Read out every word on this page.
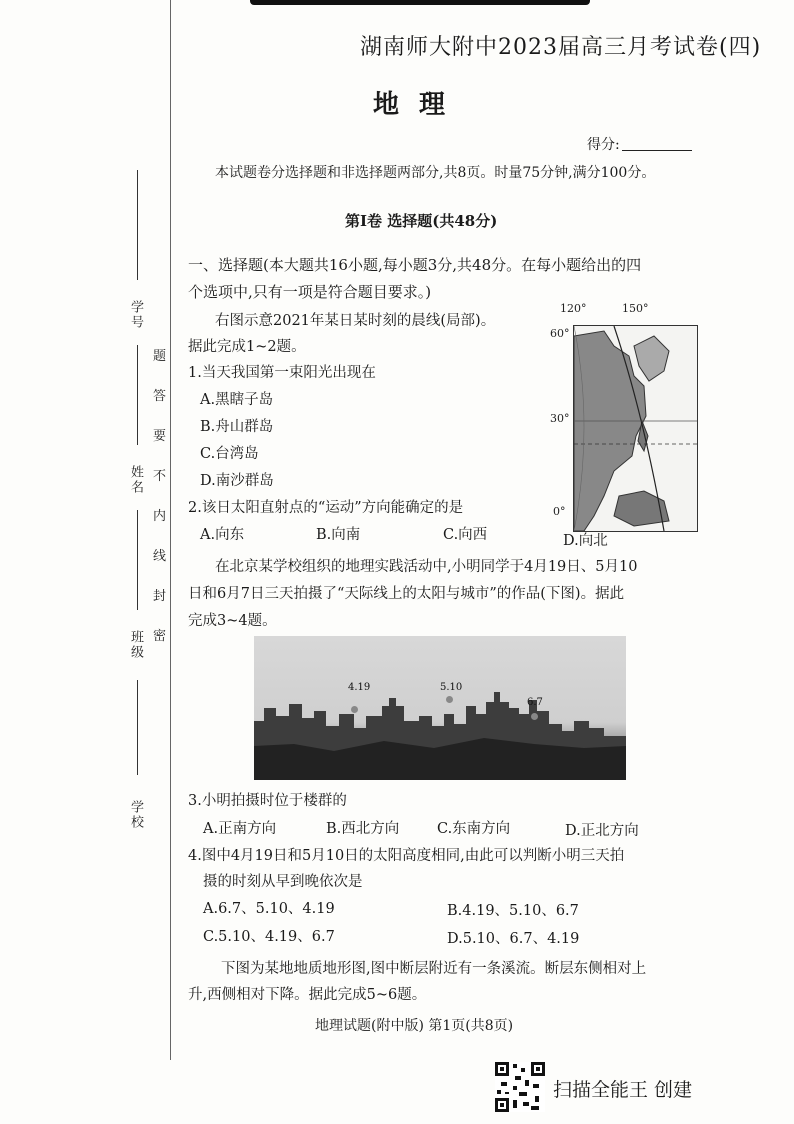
学号
姓名
班级
学校
题
答
要
不
内
线
封
密
湖南师大附中2023届高三月考试卷(四)
地理
得分:
本试题卷分选择题和非选择题两部分,共8页。时量75分钟,满分100分。
第Ⅰ卷 选择题(共48分)
一、选择题(本大题共16小题,每小题3分,共48分。在每小题给出的四
个选项中,只有一项是符合题目要求。)
右图示意2021年某日某时刻的晨线(局部)。
据此完成1~2题。
1.当天我国第一束阳光出现在
A.黑瞎子岛
B.舟山群岛
C.台湾岛
D.南沙群岛
2.该日太阳直射点的“运动”方向能确定的是
A.向东	B.向南	C.向西	D.向北
120°	150°
60°
30°
0°
在北京某学校组织的地理实践活动中,小明同学于4月19日、5月10
日和6月7日三天拍摄了“天际线上的太阳与城市”的作品(下图)。据此
完成3~4题。
4.19	5.10
6.7
3.小明拍摄时位于楼群的
A.正南方向	B.西北方向	C.东南方向	D.正北方向
4.图中4月19日和5月10日的太阳高度相同,由此可以判断小明三天拍
摄的时刻从早到晚依次是
A.6.7、5.10、4.19	B.4.19、5.10、6.7
C.5.10、4.19、6.7	D.5.10、6.7、4.19
下图为某地地质地形图,图中断层附近有一条溪流。断层东侧相对上
升,西侧相对下降。据此完成5~6题。
地理试题(附中版) 第1页(共8页)
扫描全能王 创建
